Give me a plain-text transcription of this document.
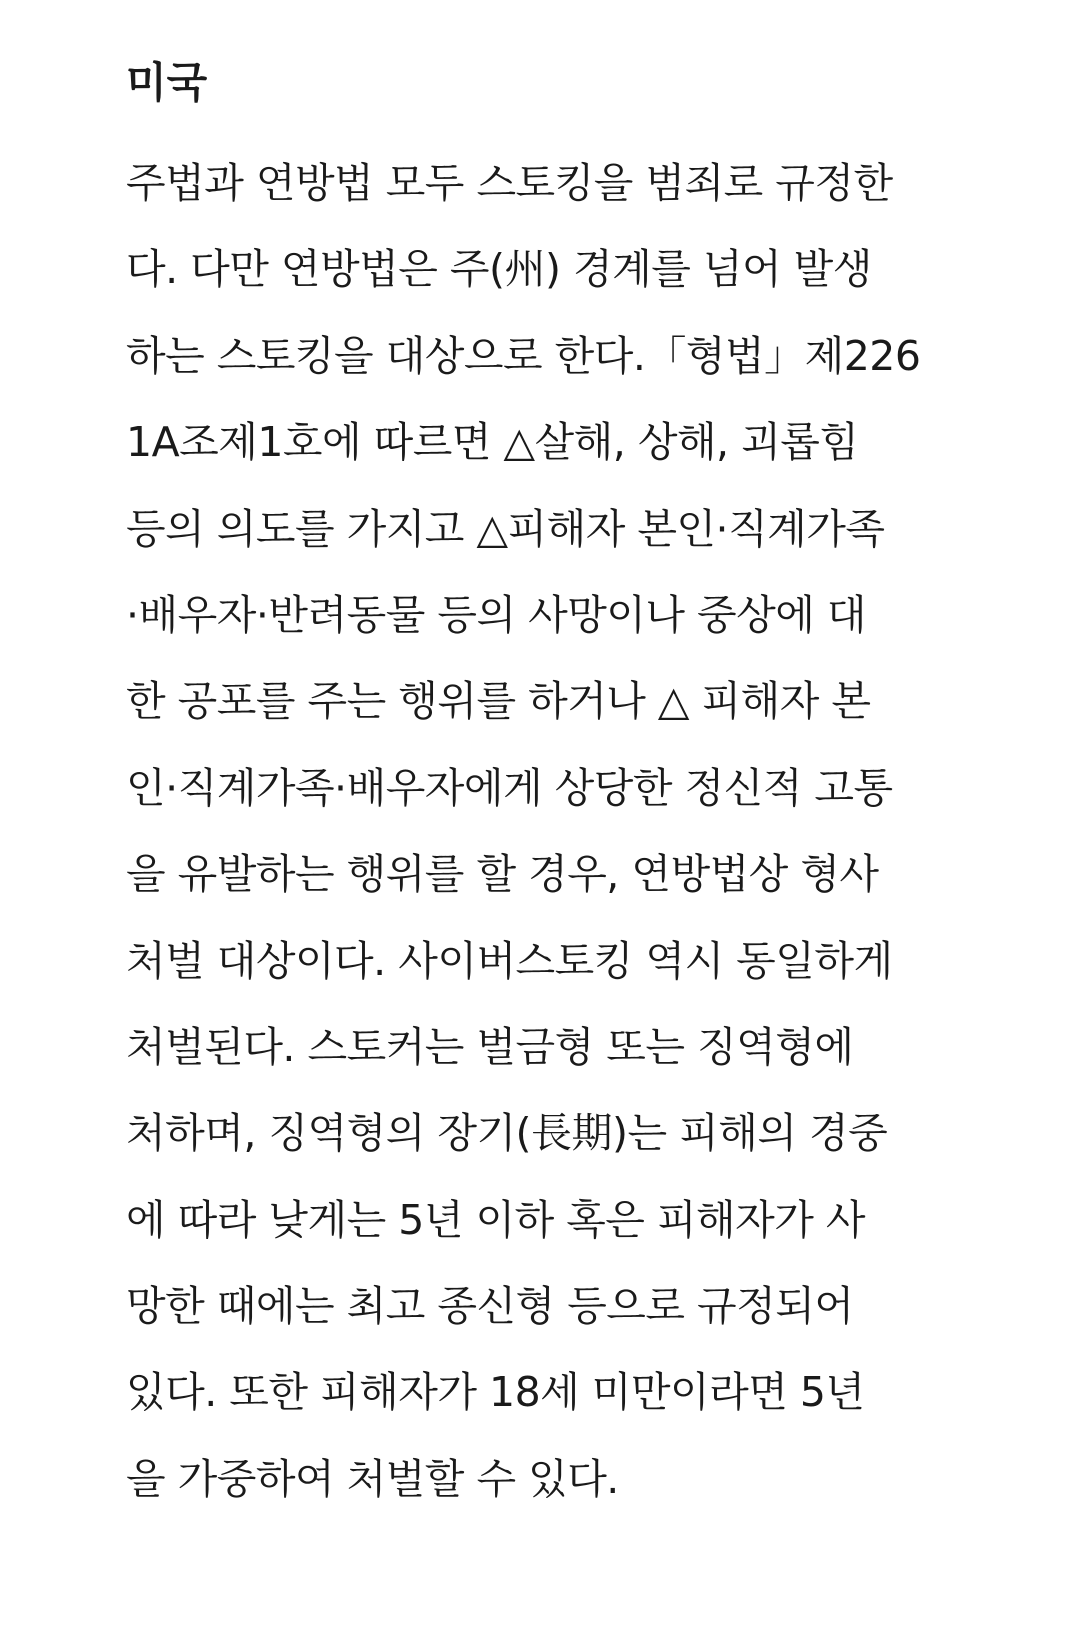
미국
주법과 연방법 모두 스토킹을 범죄로 규정한
다. 다만 연방법은 주(州) 경계를 넘어 발생
하는 스토킹을 대상으로 한다.「형법」제226
1A조제1호에 따르면 △살해, 상해, 괴롭힘
등의 의도를 가지고 △피해자 본인·직계가족
·배우자·반려동물 등의 사망이나 중상에 대
한 공포를 주는 행위를 하거나 △ 피해자 본
인·직계가족·배우자에게 상당한 정신적 고통
을 유발하는 행위를 할 경우, 연방법상 형사
처벌 대상이다. 사이버스토킹 역시 동일하게
처벌된다. 스토커는 벌금형 또는 징역형에
처하며, 징역형의 장기(長期)는 피해의 경중
에 따라 낮게는 5년 이하 혹은 피해자가 사
망한 때에는 최고 종신형 등으로 규정되어
있다. 또한 피해자가 18세 미만이라면 5년
을 가중하여 처벌할 수 있다.
